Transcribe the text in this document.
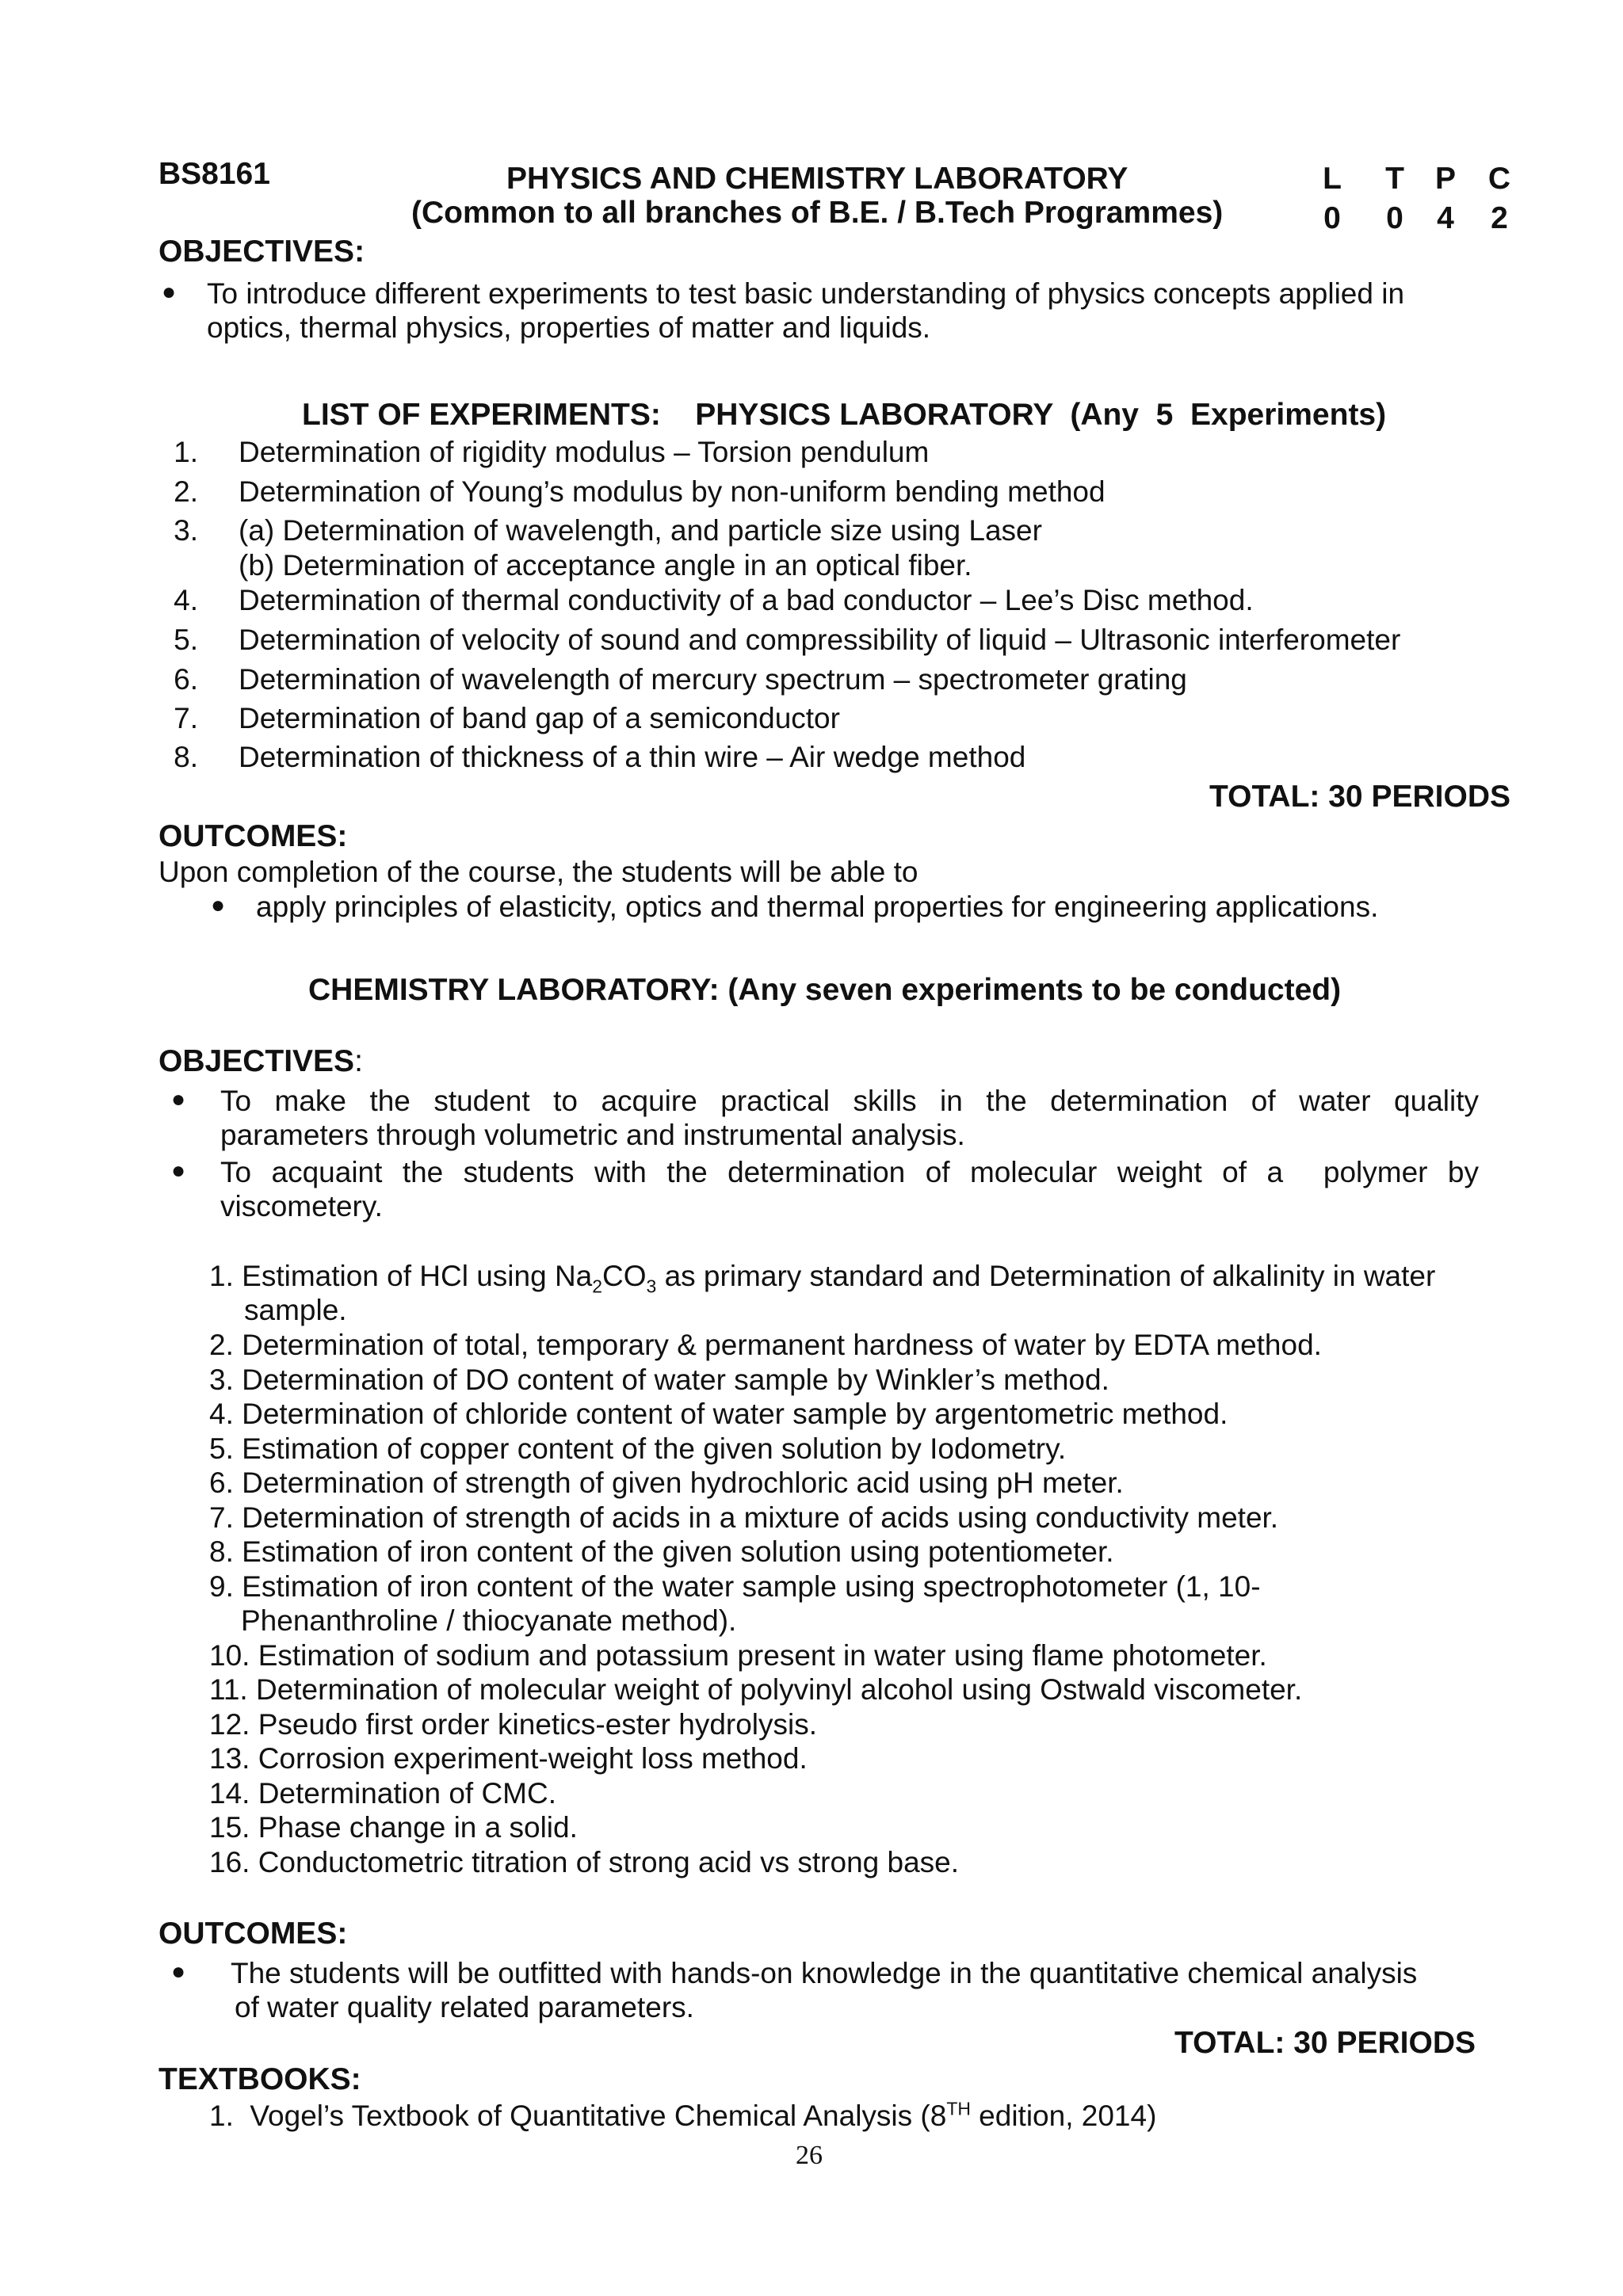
BS8161	PHYSICS AND CHEMISTRY LABORATORY
(Common to all branches of B.E. / B.Tech Programmes)
L	T	P	C
0	0	4	2
OBJECTIVES:
● To introduce different experiments to test basic understanding of physics concepts applied in
optics, thermal physics, properties of matter and liquids.
LIST OF EXPERIMENTS:    PHYSICS LABORATORY  (Any  5  Experiments)
1. Determination of rigidity modulus – Torsion pendulum
2. Determination of Young’s modulus by non-uniform bending method
3. (a) Determination of wavelength, and particle size using Laser
(b) Determination of acceptance angle in an optical fiber.
4. Determination of thermal conductivity of a bad conductor – Lee’s Disc method.
5. Determination of velocity of sound and compressibility of liquid – Ultrasonic interferometer
6. Determination of wavelength of mercury spectrum – spectrometer grating
7. Determination of band gap of a semiconductor
8. Determination of thickness of a thin wire – Air wedge method
TOTAL: 30 PERIODS
OUTCOMES:
Upon completion of the course, the students will be able to
● apply principles of elasticity, optics and thermal properties for engineering applications.
CHEMISTRY LABORATORY: (Any seven experiments to be conducted)
OBJECTIVES:
● To make the student to acquire practical skills in the determination of water quality
parameters through volumetric and instrumental analysis.
● To acquaint the students with the determination of molecular weight of a  polymer by
viscometery.
1. Estimation of HCl using $Na_2CO_3$ as primary standard and Determination of alkalinity in water
sample.
2. Determination of total, temporary & permanent hardness of water by EDTA method.
3. Determination of DO content of water sample by Winkler’s method.
4. Determination of chloride content of water sample by argentometric method.
5. Estimation of copper content of the given solution by Iodometry.
6. Determination of strength of given hydrochloric acid using pH meter.
7. Determination of strength of acids in a mixture of acids using conductivity meter.
8. Estimation of iron content of the given solution using potentiometer.
9. Estimation of iron content of the water sample using spectrophotometer (1, 10-
Phenanthroline / thiocyanate method).
10. Estimation of sodium and potassium present in water using flame photometer.
11. Determination of molecular weight of polyvinyl alcohol using Ostwald viscometer.
12. Pseudo first order kinetics-ester hydrolysis.
13. Corrosion experiment-weight loss method.
14. Determination of CMC.
15. Phase change in a solid.
16. Conductometric titration of strong acid vs strong base.
OUTCOMES:
● The students will be outfitted with hands-on knowledge in the quantitative chemical analysis
of water quality related parameters.
TOTAL: 30 PERIODS
TEXTBOOKS:
1.  Vogel’s Textbook of Quantitative Chemical Analysis (8TH edition, 2014)
26
